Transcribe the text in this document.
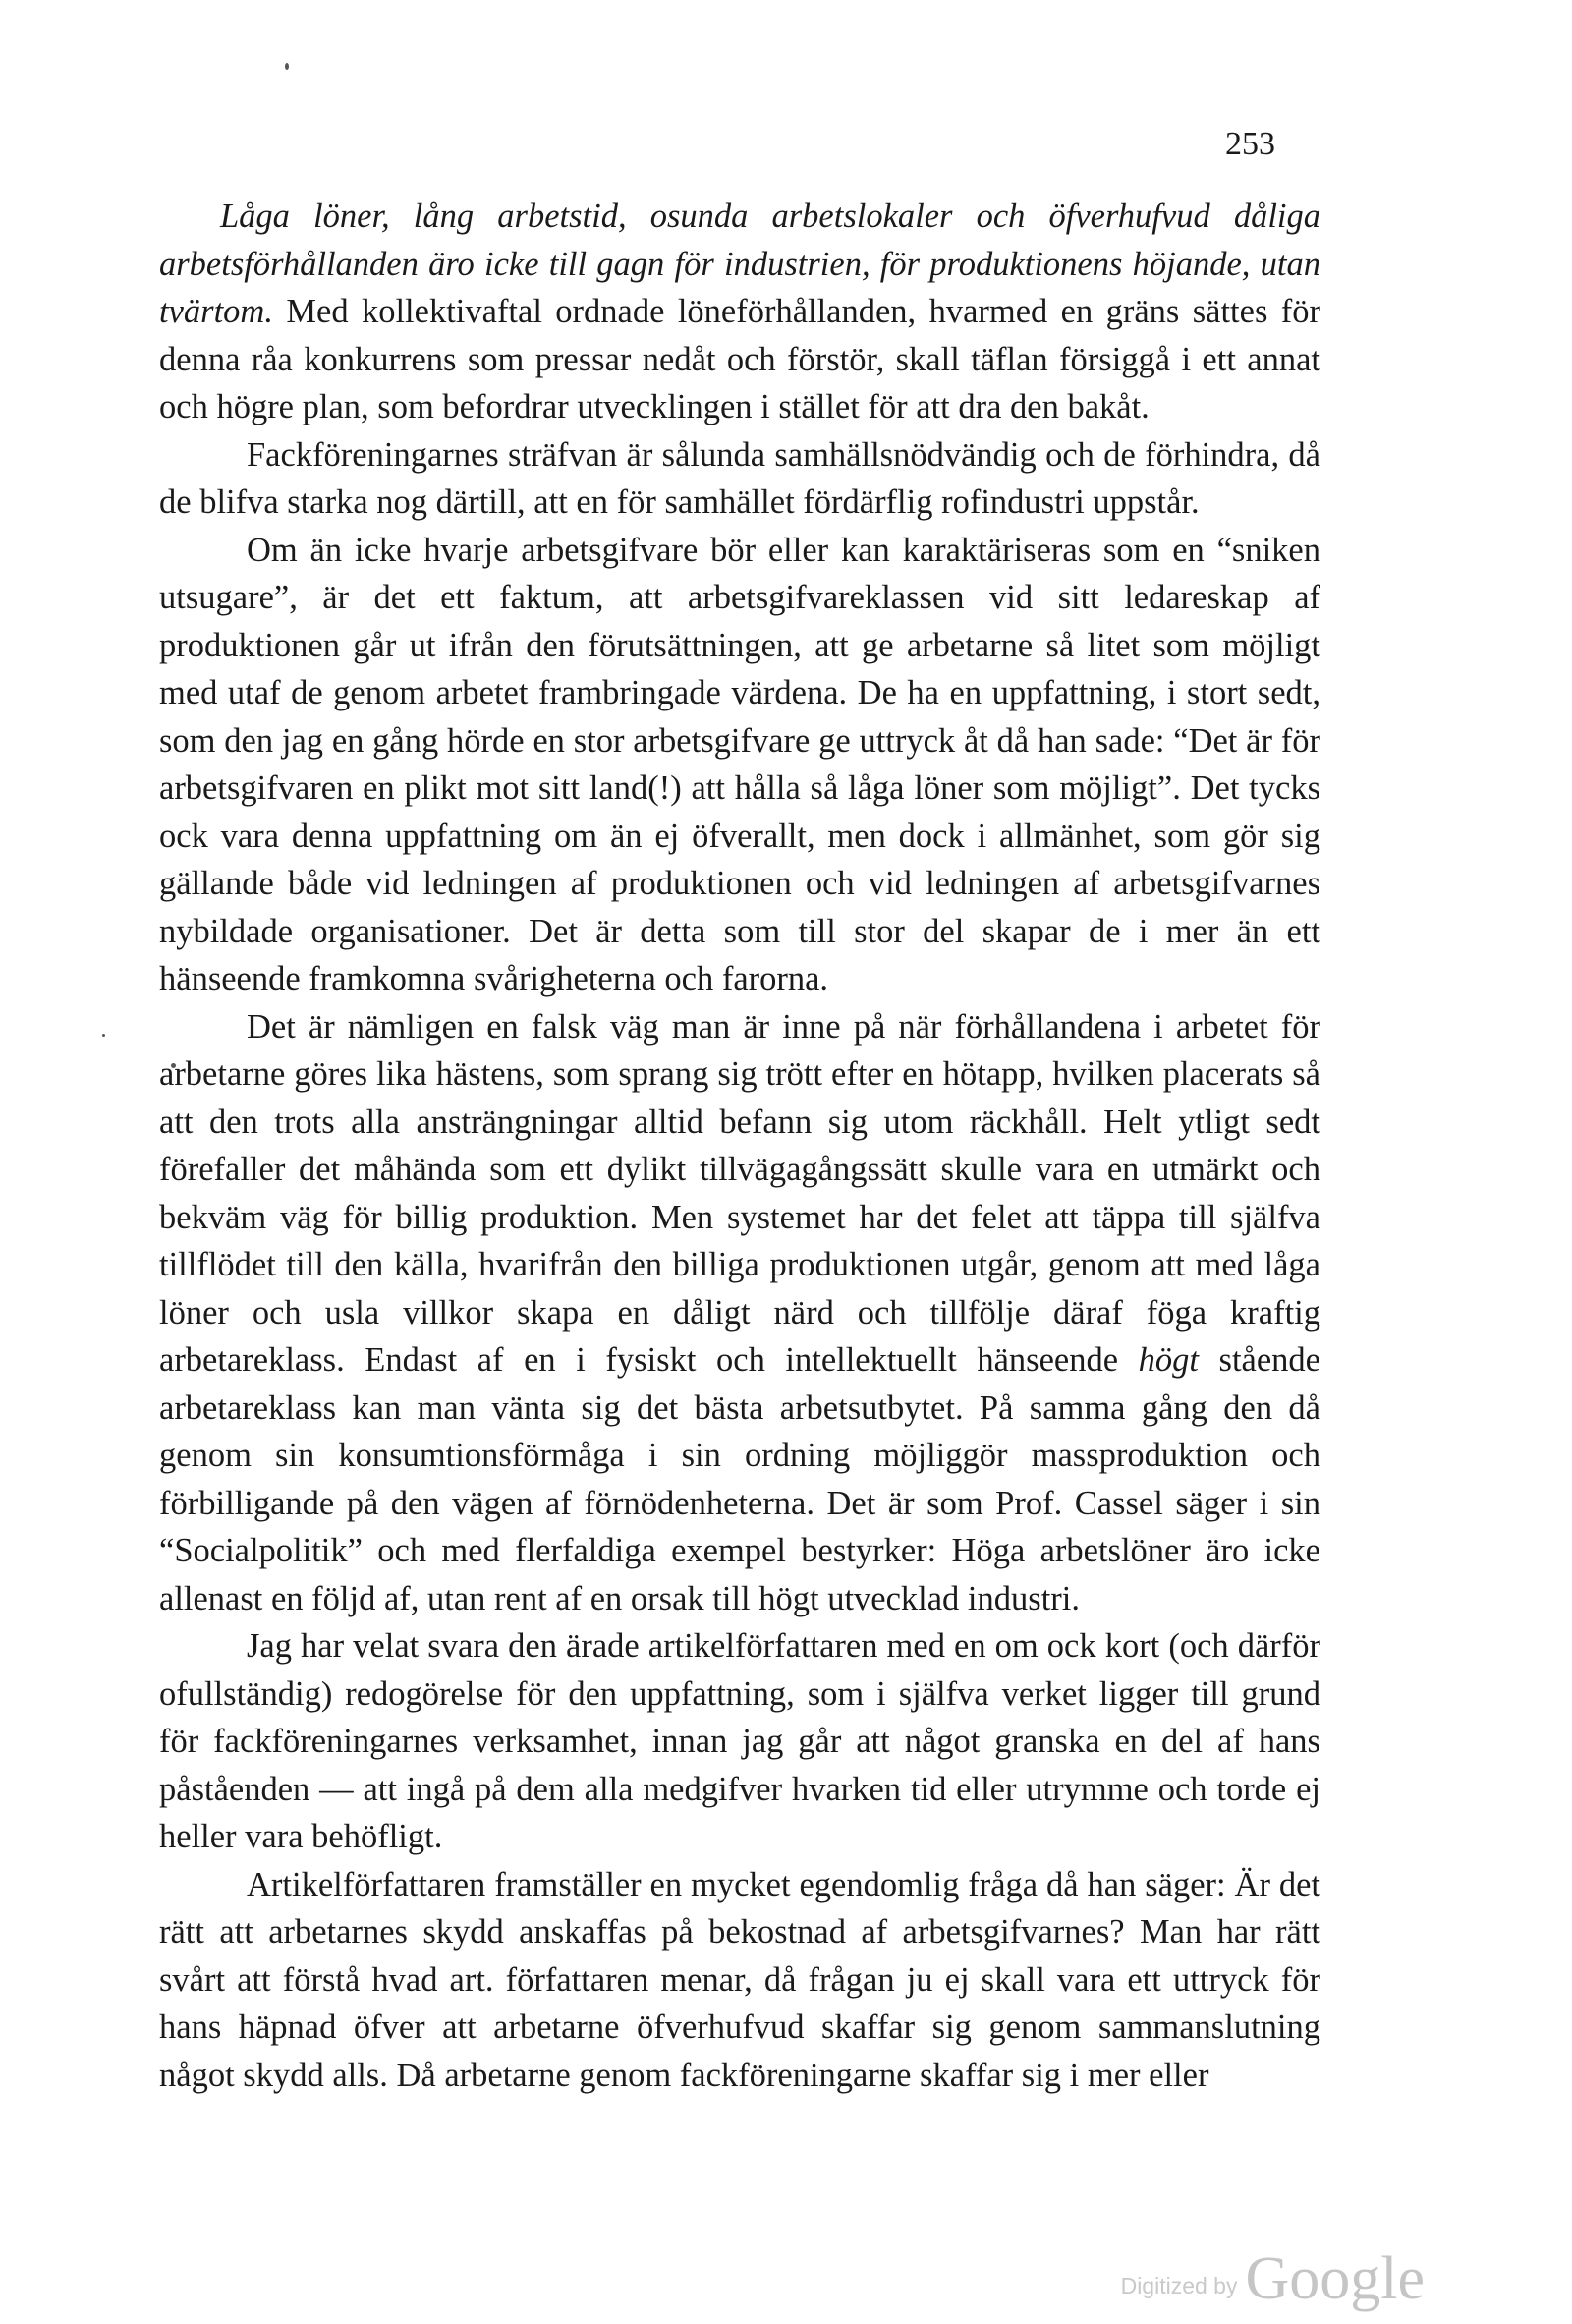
253

Låga löner, lång arbetstid, osunda arbetslokaler och öfverhufvud dåliga arbetsförhållanden äro icke till gagn för industrien, för produktionens höjande, utan tvärtom. Med kollektivaftal ordnade löneförhållanden, hvarmed en gräns sättes för denna råa konkurrens som pressar nedåt och förstör, skall täflan försiggå i ett annat och högre plan, som befordrar utvecklingen i stället för att dra den bakåt.

Fackföreningarnes sträfvan är sålunda samhällsnödvändig och de förhindra, då de blifva starka nog därtill, att en för samhället fördärflig rofindustri uppstår.

Om än icke hvarje arbetsgifvare bör eller kan karaktäriseras som en “sniken utsugare”, är det ett faktum, att arbetsgifvareklassen vid sitt ledareskap af produktionen går ut ifrån den förutsättningen, att ge arbetarne så litet som möjligt med utaf de genom arbetet frambringade värdena. De ha en uppfattning, i stort sedt, som den jag en gång hörde en stor arbetsgifvare ge uttryck åt då han sade: “Det är för arbetsgifvaren en plikt mot sitt land(!) att hålla så låga löner som möjligt”. Det tycks ock vara denna uppfattning om än ej öfverallt, men dock i allmänhet, som gör sig gällande både vid ledningen af produktionen och vid ledningen af arbetsgifvarnes nybildade organisationer. Det är detta som till stor del skapar de i mer än ett hänseende framkomna svårigheterna och farorna.

Det är nämligen en falsk väg man är inne på när förhållandena i arbetet för arbetarne göres lika hästens, som sprang sig trött efter en hötapp, hvilken placerats så att den trots alla ansträngningar alltid befann sig utom räckhåll. Helt ytligt sedt förefaller det måhända som ett dylikt tillvägagångssätt skulle vara en utmärkt och bekväm väg för billig produktion. Men systemet har det felet att täppa till själfva tillflödet till den källa, hvarifrån den billiga produktionen utgår, genom att med låga löner och usla villkor skapa en dåligt närd och tillfölje däraf föga kraftig arbetareklass. Endast af en i fysiskt och intellektuellt hänseende högt stående arbetareklass kan man vänta sig det bästa arbetsutbytet. På samma gång den då genom sin konsumtionsförmåga i sin ordning möjliggör massproduktion och förbilligande på den vägen af förnödenheterna. Det är som Prof. Cassel säger i sin “Socialpolitik” och med flerfaldiga exempel bestyrker: Höga arbetslöner äro icke allenast en följd af, utan rent af en orsak till högt utvecklad industri.

Jag har velat svara den ärade artikelförfattaren med en om ock kort (och därför ofullständig) redogörelse för den uppfattning, som i själfva verket ligger till grund för fackföreningarnes verksamhet, innan jag går att något granska en del af hans påståenden — att ingå på dem alla medgifver hvarken tid eller utrymme och torde ej heller vara behöfligt.

Artikelförfattaren framställer en mycket egendomlig fråga då han säger: Är det rätt att arbetarnes skydd anskaffas på bekostnad af arbetsgifvarnes? Man har rätt svårt att förstå hvad art. författaren menar, då frågan ju ej skall vara ett uttryck för hans häpnad öfver att arbetarne öfverhufvud skaffar sig genom sammanslutning något skydd alls. Då arbetarne genom fackföreningarne skaffar sig i mer eller

Digitized by Google
